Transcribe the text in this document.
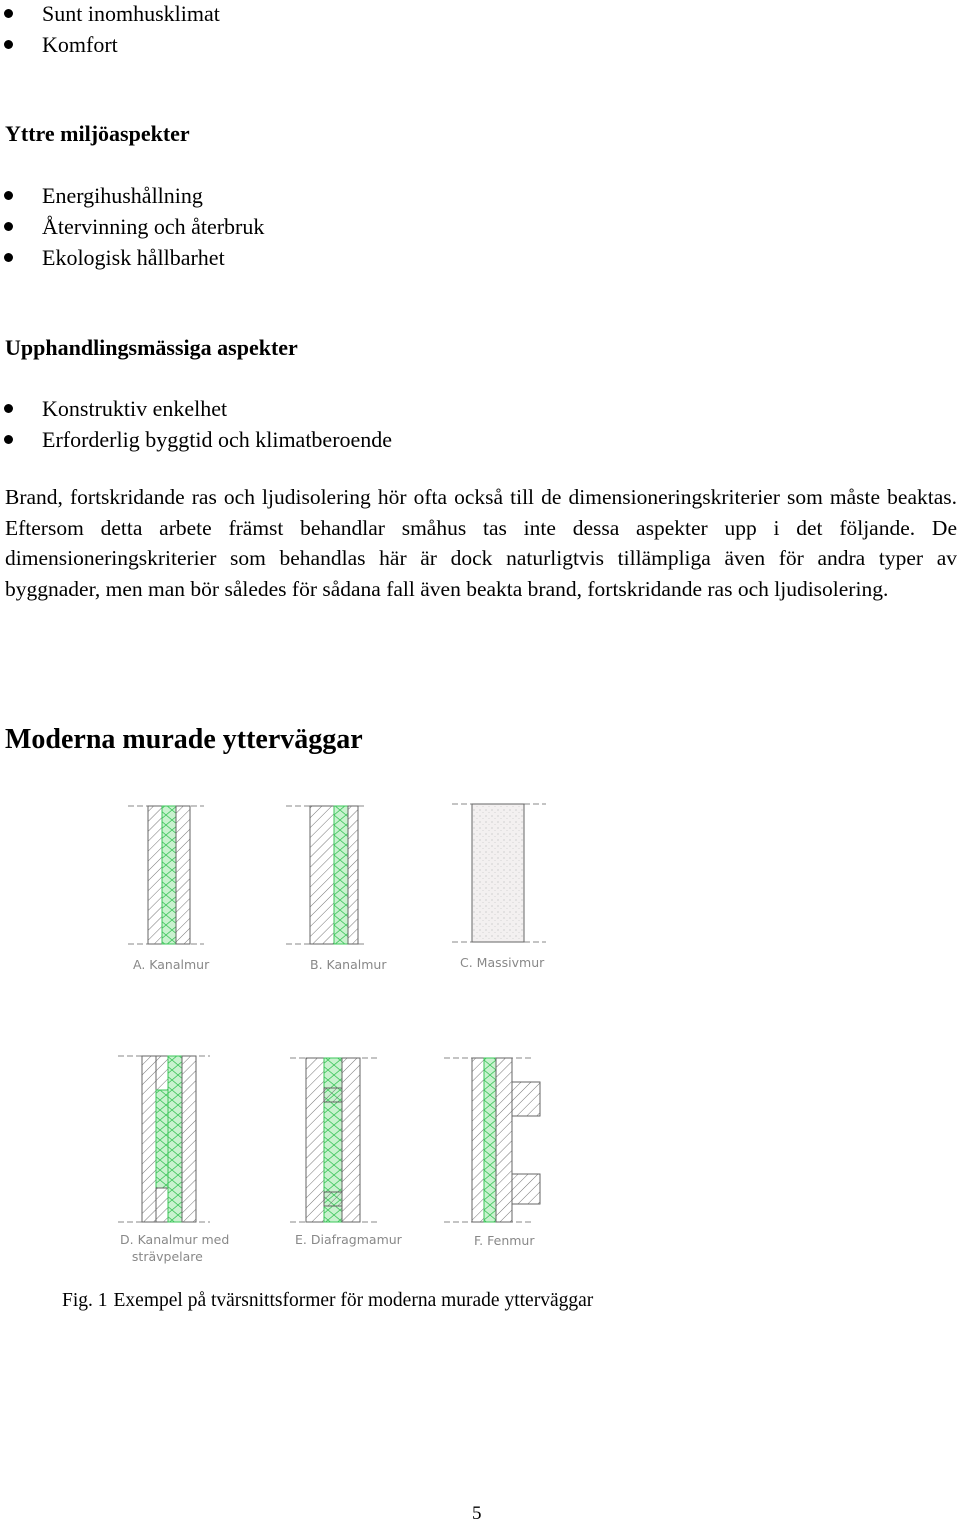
Sunt inomhusklimat
Komfort
Yttre miljöaspekter
Energihushållning
Återvinning och återbruk
Ekologisk hållbarhet
Upphandlingsmässiga aspekter
Konstruktiv enkelhet
Erforderlig byggtid och klimatberoende

Brand, fortskridande ras och ljudisolering hör ofta också till de dimensioneringskriterier som måste beaktas. Eftersom detta arbete främst behandlar småhus tas inte dessa aspekter upp i det följande. De dimensioneringskriterier som behandlas här är dock naturligtvis tillämpliga även för andra typer av byggnader, men man bör således för sådana fall även beakta brand, fortskridande ras och ljudisolering.

Moderna murade ytterväggar
A. Kanalmur	B. Kanalmur	C. Massivmur
D. Kanalmur med
strävpelare
E. Diafragmamur	F. Fenmur
Fig. 1 Exempel på tvärsnittsformer för moderna murade ytterväggar
5
